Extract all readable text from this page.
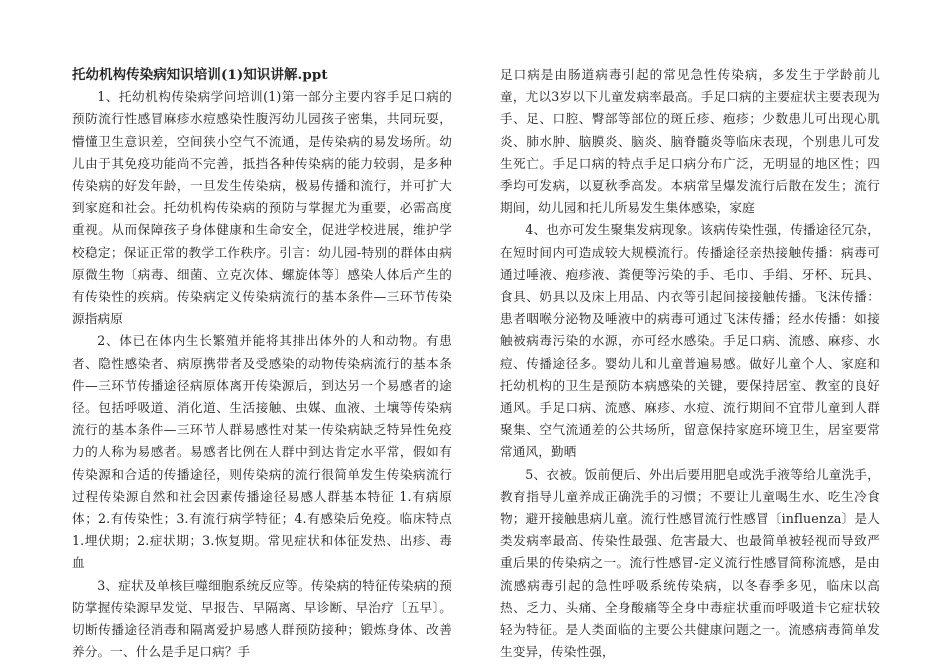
托幼机构传染病知识培训(1)知识讲解.ppt

1、托幼机构传染病学问培训(1)第一部分主要内容手足口病的预防流行性感冒麻疹水痘感染性腹泻幼儿园孩子密集，共同玩耍，懵懂卫生意识差，空间狭小空气不流通，是传染病的易发场所。幼儿由于其免疫功能尚不完善，抵挡各种传染病的能力较弱，是多种传染病的好发年龄，一旦发生传染病，极易传播和流行，并可扩大到家庭和社会。托幼机构传染病的预防与掌握尤为重要，必需高度重视。从而保障孩子身体健康和生命安全，促进学校进展，维护学校稳定；保证正常的教学工作秩序。引言：幼儿园-特别的群体由病原微生物〔病毒、细菌、立克次体、螺旋体等〕感染人体后产生的有传染性的疾病。传染病定义传染病流行的基本条件—三环节传染源指病原

2、体已在体内生长繁殖并能将其排出体外的人和动物。有患者、隐性感染者、病原携带者及受感染的动物传染病流行的基本条件—三环节传播途径病原体离开传染源后，到达另一个易感者的途径。包括呼吸道、消化道、生活接触、虫媒、血液、土壤等传染病流行的基本条件—三环节人群易感性对某一传染病缺乏特异性免疫力的人称为易感者。易感者比例在人群中到达肯定水平常，假如有传染源和合适的传播途径，则传染病的流行很简单发生传染病流行过程传染源自然和社会因素传播途径易感人群基本特征 1.有病原体；2.有传染性；3.有流行病学特征；4.有感染后免疫。临床特点 1.埋伏期；2.症状期；3.恢复期。常见症状和体征发热、出疹、毒血

3、症状及单核巨噬细胞系统反应等。传染病的特征传染病的预防掌握传染源早发觉、早报告、早隔离、早诊断、早治疗〔五早〕。切断传播途径消毒和隔离爱护易感人群预防接种；锻炼身体、改善养分。一、什么是手足口病？手

足口病是由肠道病毒引起的常见急性传染病，多发生于学龄前儿童，尤以3岁以下儿童发病率最高。手足口病的主要症状主要表现为手、足、口腔、臀部等部位的斑丘疹、疱疹；少数患儿可出现心肌炎、肺水肿、脑膜炎、脑炎、脑脊髓炎等临床表现，个别患儿可发生死亡。手足口病的特点手足口病分布广泛，无明显的地区性；四季均可发病，以夏秋季高发。本病常呈爆发流行后散在发生；流行期间，幼儿园和托儿所易发生集体感染，家庭

4、也亦可发生聚集发病现象。该病传染性强，传播途径冗杂，在短时间内可造成较大规模流行。传播途径亲热接触传播：病毒可通过唾液、疱疹液、粪便等污染的手、毛巾、手绢、牙杯、玩具、食具、奶具以及床上用品、内衣等引起间接接触传播。飞沫传播：患者咽喉分泌物及唾液中的病毒可通过飞沫传播；经水传播：如接触被病毒污染的水源，亦可经水感染。手足口病、流感、麻疹、水痘、传播途径多。婴幼儿和儿童普遍易感。做好儿童个人、家庭和托幼机构的卫生是预防本病感染的关键，要保持居室、教室的良好通风。手足口病、流感、麻疹、水痘、流行期间不宜带儿童到人群聚集、空气流通差的公共场所，留意保持家庭环境卫生，居室要常常通风，勤晒

5、衣被。饭前便后、外出后要用肥皂或洗手液等给儿童洗手，教育指导儿童养成正确洗手的习惯；不要让儿童喝生水、吃生冷食物；避开接触患病儿童。流行性感冒流行性感冒〔influenza〕是人类发病率最高、传染性最强、危害最大、也最简单被轻视而导致严重后果的传染病之一。流行性感冒-定义流行性感冒简称流感，是由流感病毒引起的急性呼吸系统传染病，以冬春季多见，临床以高热、乏力、头痛、全身酸痛等全身中毒症状重而呼吸道卡它症状较轻为特征。是人类面临的主要公共健康问题之一。流感病毒简单发生变异，传染性强，
